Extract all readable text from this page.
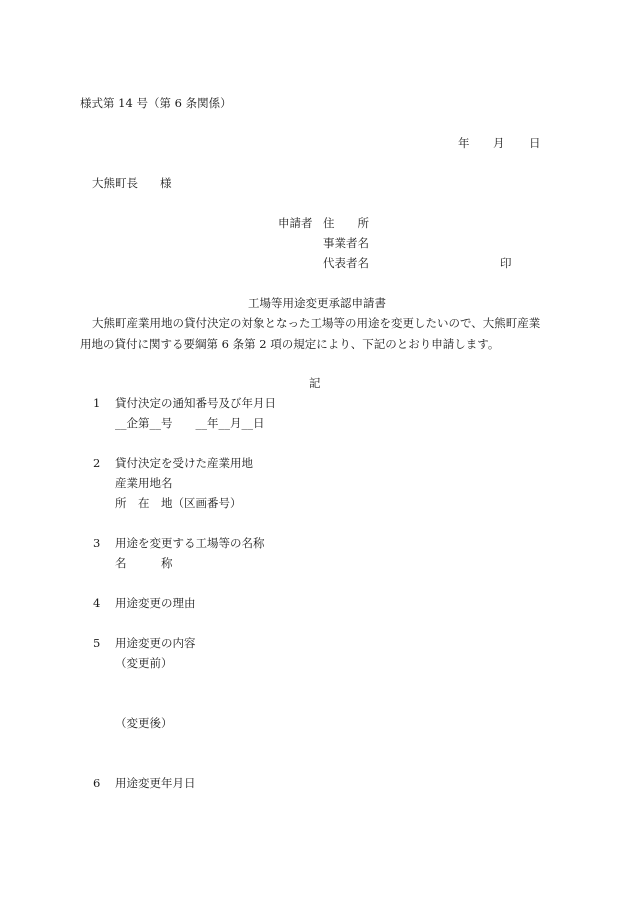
様式第 14 号（第 6 条関係）
年 月 日
大熊町長 様
申請者 住　　所
事業者名
代表者名	印
工場等用途変更承認申請書
大熊町産業用地の貸付決定の対象となった工場等の用途を変更したいので、大熊町産業
用地の貸付に関する要綱第 6 条第 2 項の規定により、下記のとおり申請します。
記
1 貸付決定の通知番号及び年月日
__企第__号　　__年__月__日
2 貸付決定を受けた産業用地
産業用地名
所　在　地（区画番号）
3 用途を変更する工場等の名称
名　　　称
4 用途変更の理由
5 用途変更の内容
（変更前）
（変更後）
6 用途変更年月日
